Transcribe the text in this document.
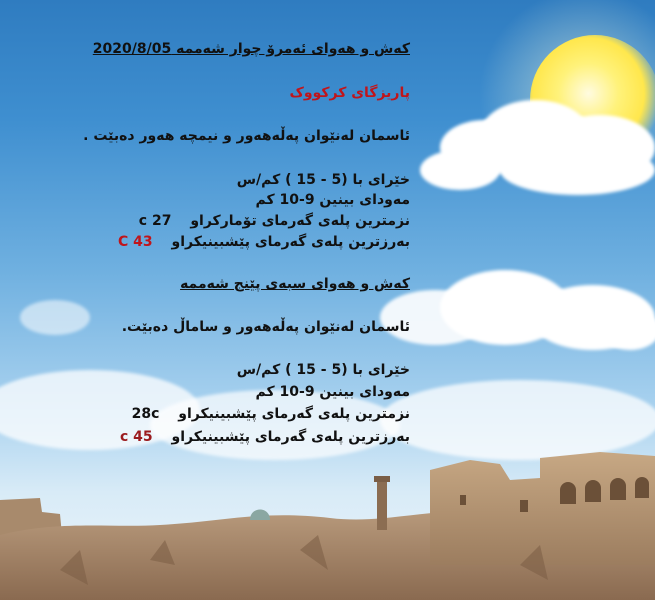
کەش و هەوای ئەمرۆ چوار شەممە 2020/8/05
پاریزگای کرکووک
ئاسمان لەنێوان پەڵەهەور و نیمچە هەور دەبێت .
خێرای با (5 - 15 ) کم/س
مەودای بینین 9-10 کم
نزمترین پلەی گەرمای تۆمارکراو 27 c
بەرزترین پلەی گەرمای پێشبینیکراو 43 C
کەش و هەوای سبەی پێنج شەممە
ئاسمان لەنێوان پەڵەهەور و ساماڵ دەبێت.
خێرای با (5 - 15 ) کم/س
مەودای بینین 9-10 کم
نزمترین پلەی گەرمای پێشبینیکراو 28c
بەرزترین پلەی گەرمای پێشبینیکراو 45 c
